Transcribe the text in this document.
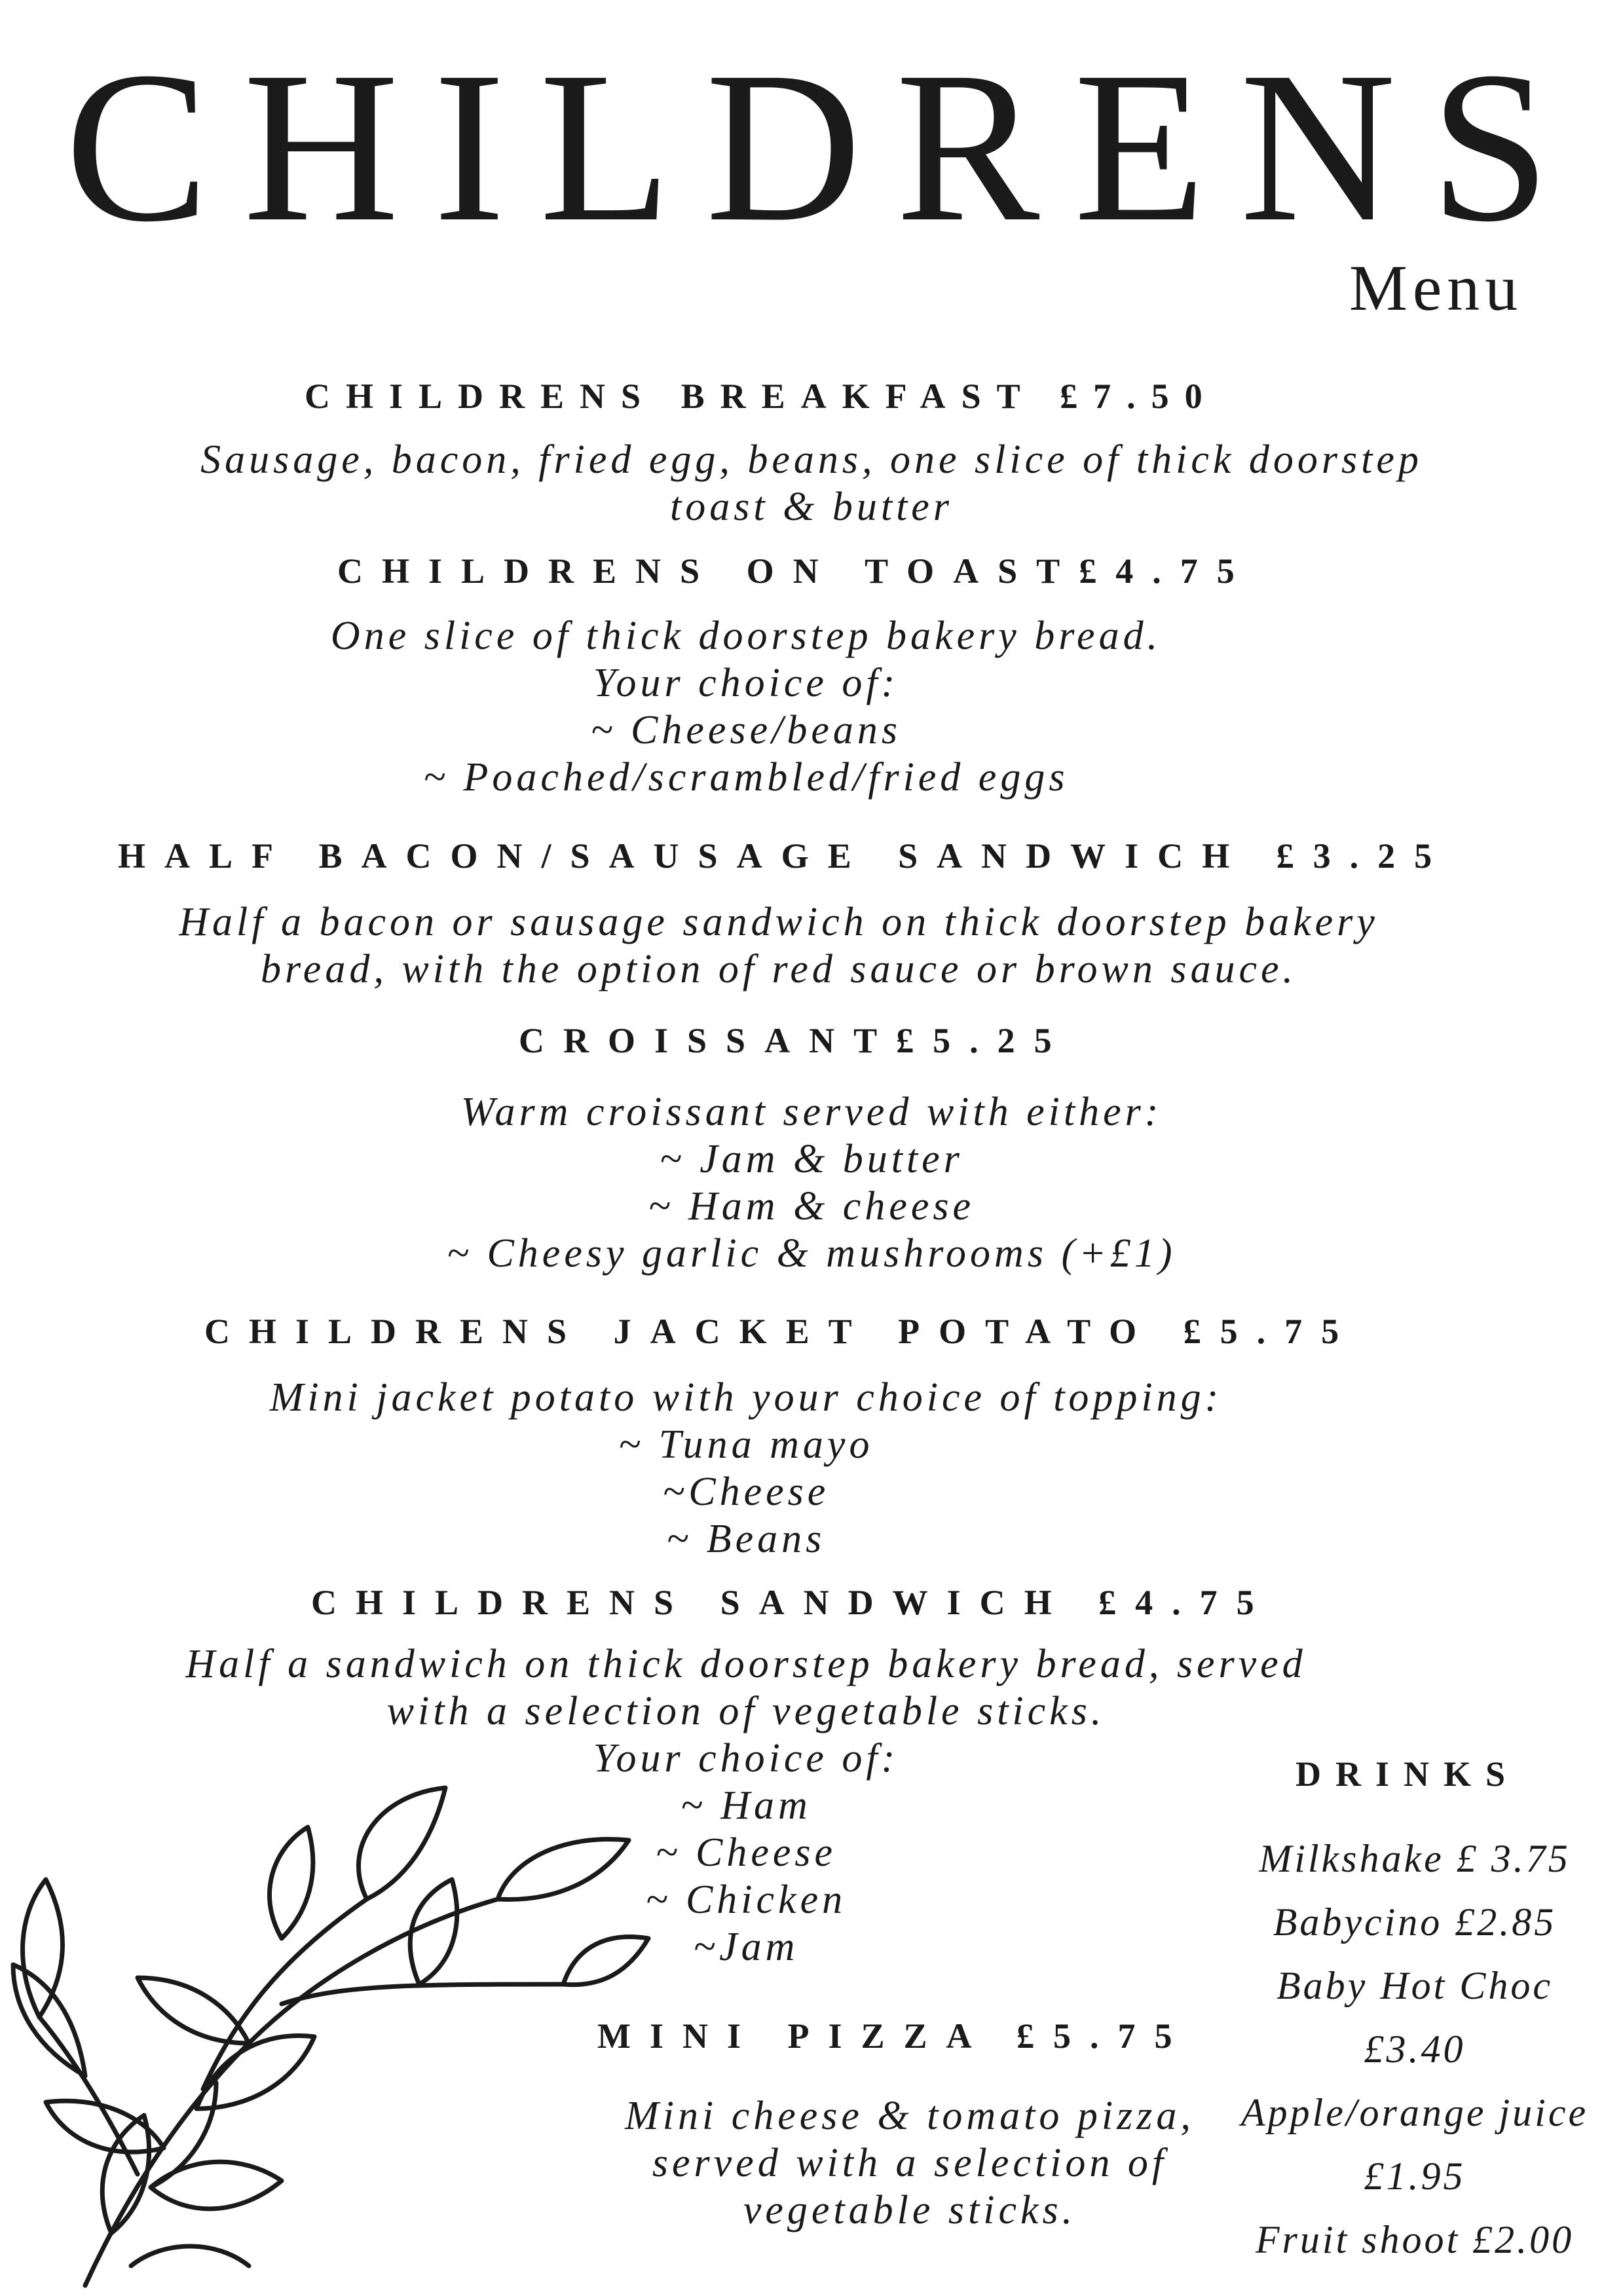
CHILDRENS
Menu
CHILDRENS BREAKFAST £7.50
Sausage, bacon, fried egg, beans, one slice of thick doorstep
toast & butter
CHILDRENS ON TOAST£4.75
One slice of thick doorstep bakery bread.
Your choice of:
~ Cheese/beans
~ Poached/scrambled/fried eggs
HALF BACON/SAUSAGE SANDWICH £3.25
Half a bacon or sausage sandwich on thick doorstep bakery
bread, with the option of red sauce or brown sauce.
CROISSANT£5.25
Warm croissant served with either:
~ Jam & butter
~ Ham & cheese
~ Cheesy garlic & mushrooms (+£1)
CHILDRENS JACKET POTATO £5.75
Mini jacket potato with your choice of topping:
~ Tuna mayo
~Cheese
~ Beans
CHILDRENS SANDWICH £4.75
Half a sandwich on thick doorstep bakery bread, served
with a selection of vegetable sticks.
Your choice of:
~ Ham
~ Cheese
~ Chicken
~Jam
MINI PIZZA £5.75
Mini cheese & tomato pizza,
served with a selection of
vegetable sticks.
DRINKS
Milkshake £ 3.75
Babycino £2.85
Baby Hot Choc
£3.40
Apple/orange juice
£1.95
Fruit shoot £2.00
